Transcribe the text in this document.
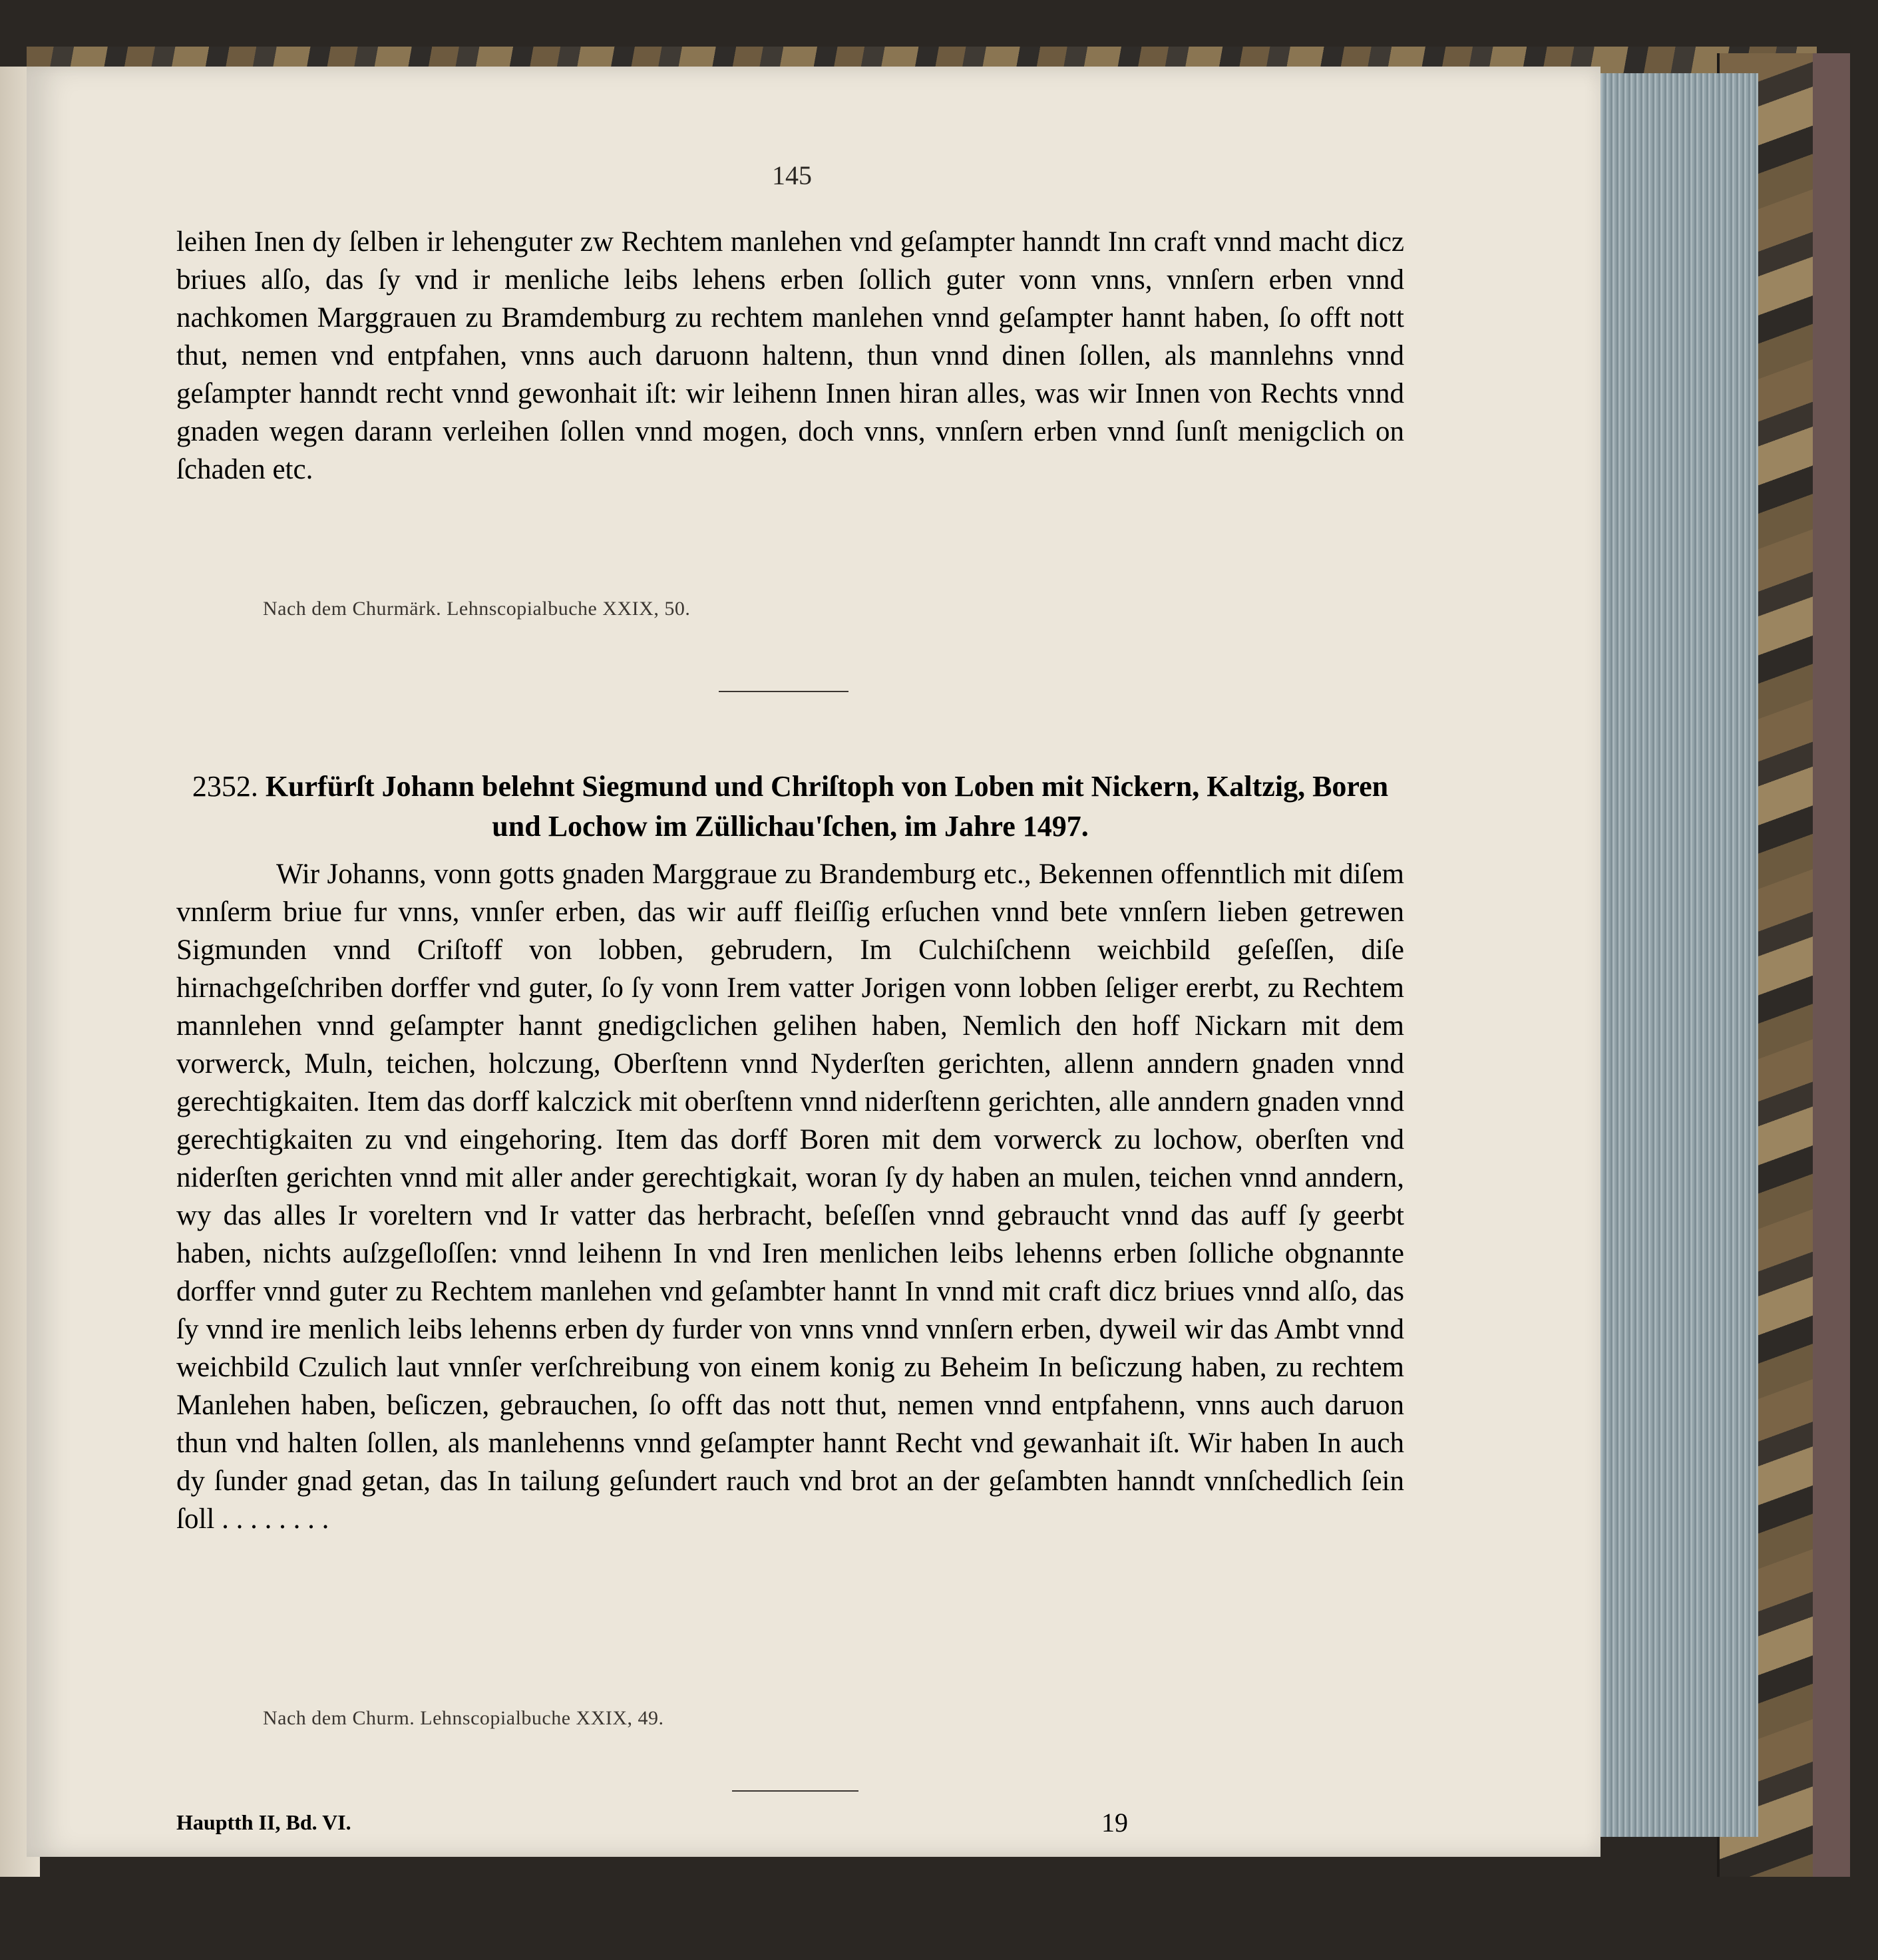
145

leihen Inen dy ſelben ir lehenguter zw Rechtem manlehen vnd geſampter hanndt Inn craft vnnd macht dicz briues alſo, das ſy vnd ir menliche leibs lehens erben ſollich guter vonn vnns, vnnſern erben vnnd nachkomen Marggrauen zu Bramdemburg zu rechtem manlehen vnnd geſampter hannt haben, ſo offt nott thut, nemen vnd entpfahen, vnns auch daruonn haltenn, thun vnnd dinen ſollen, als mannlehns vnnd geſampter hanndt recht vnnd gewonhait iſt: wir leihenn Innen hiran alles, was wir Innen von Rechts vnnd gnaden wegen darann verleihen ſollen vnnd mogen, doch vnns, vnnſern erben vnnd ſunſt menigclich on ſchaden etc.

Nach dem Churmärk. Lehnscopialbuche XXIX, 50.
2352. Kurfürſt Johann belehnt Siegmund und Chriſtoph von Loben mit Nickern, Kaltzig, Boren und Lochow im Züllichau'ſchen, im Jahre 1497.

Wir Johanns, vonn gotts gnaden Marggraue zu Brandemburg etc., Bekennen offenntlich mit diſem vnnſerm briue fur vnns, vnnſer erben, das wir auff fleiſſig erſuchen vnnd bete vnnſern lieben getrewen Sigmunden vnnd Criſtoff von lobben, gebrudern, Im Culchiſchenn weichbild geſeſſen, diſe hirnachgeſchriben dorffer vnd guter, ſo ſy vonn Irem vatter Jorigen vonn lobben ſeliger ererbt, zu Rechtem mannlehen vnnd geſampter hannt gnedigclichen gelihen haben, Nemlich den hoff Nickarn mit dem vorwerck, Muln, teichen, holczung, Oberſtenn vnnd Nyderſten gerichten, allenn anndern gnaden vnnd gerechtigkaiten. Item das dorff kalczick mit oberſtenn vnnd niderſtenn gerichten, alle anndern gnaden vnnd gerechtigkaiten zu vnd eingehoring. Item das dorff Boren mit dem vorwerck zu lochow, oberſten vnd niderſten gerichten vnnd mit aller ander gerechtigkait, woran ſy dy haben an mulen, teichen vnnd anndern, wy das alles Ir voreltern vnd Ir vatter das herbracht, beſeſſen vnnd gebraucht vnnd das auff ſy geerbt haben, nichts auſzgeſloſſen: vnnd leihenn In vnd Iren menlichen leibs lehenns erben ſolliche obgnannte dorffer vnnd guter zu Rechtem manlehen vnd geſambter hannt In vnnd mit craft dicz briues vnnd alſo, das ſy vnnd ire menlich leibs lehenns erben dy furder von vnns vnnd vnnſern erben, dyweil wir das Ambt vnnd weichbild Czulich laut vnnſer verſchreibung von einem konig zu Beheim In beſiczung haben, zu rechtem Manlehen haben, beſiczen, gebrauchen, ſo offt das nott thut, nemen vnnd entpfahenn, vnns auch daruon thun vnd halten ſollen, als manlehenns vnnd geſampter hannt Recht vnd gewanhait iſt. Wir haben In auch dy ſunder gnad getan, das In tailung geſundert rauch vnd brot an der geſambten hanndt vnnſchedlich ſein ſoll . . . . . . . .

Nach dem Churm. Lehnscopialbuche XXIX, 49.
Hauptth II, Bd. VI.	19
